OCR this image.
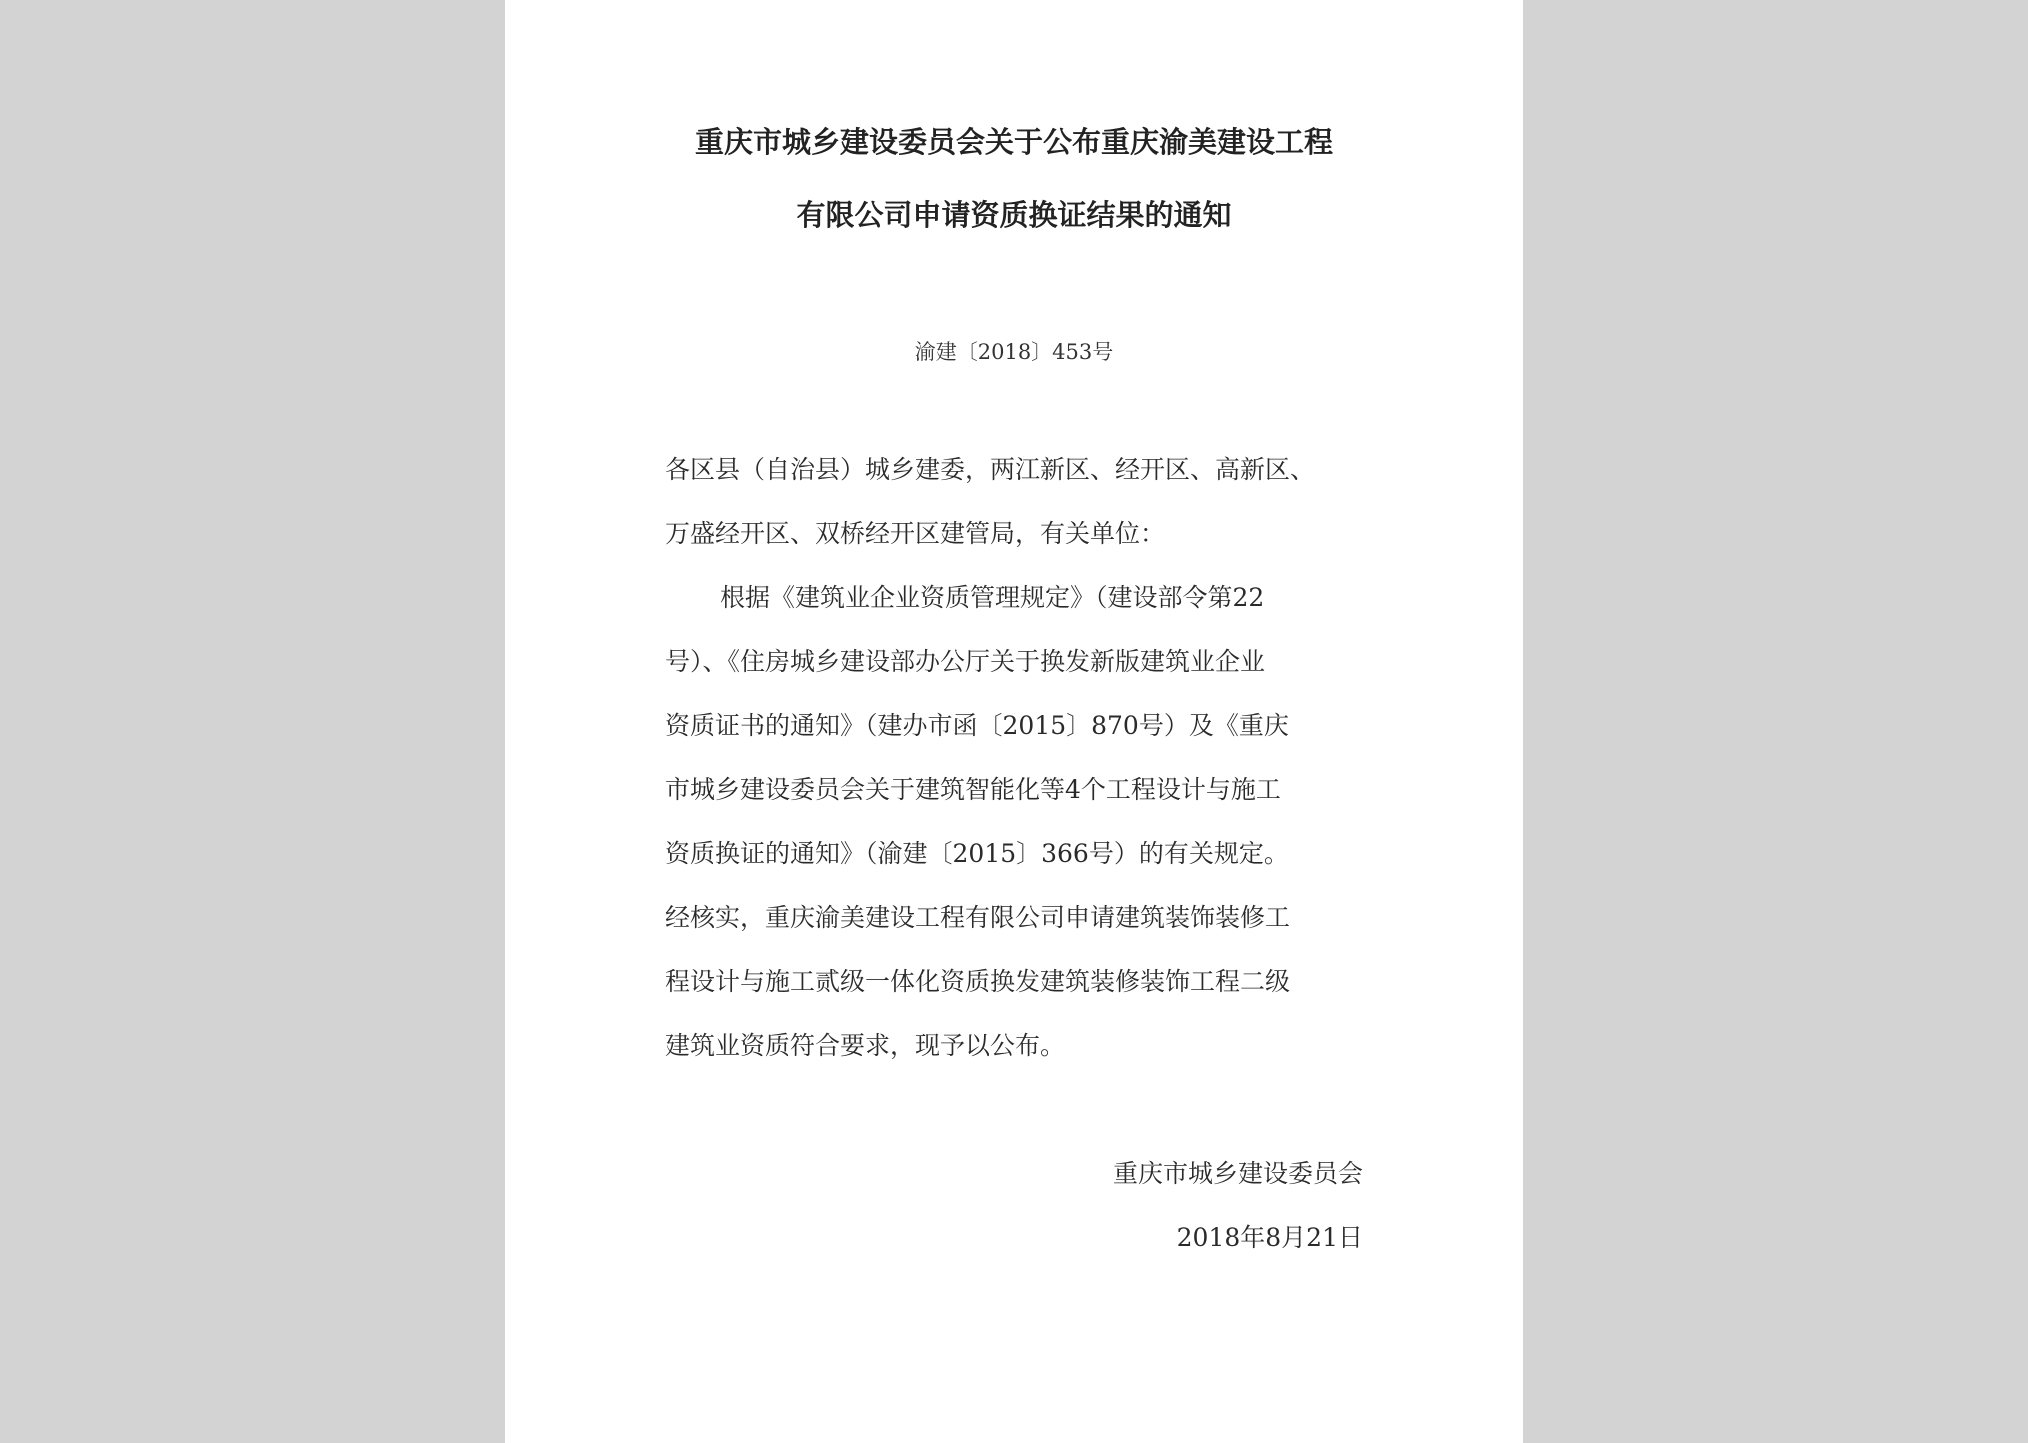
重庆市城乡建设委员会关于公布重庆渝美建设工程
有限公司申请资质换证结果的通知
渝建〔2018〕453号
各区县（自治县）城乡建委，两江新区、经开区、高新区、
万盛经开区、双桥经开区建管局，有关单位：
根据《建筑业企业资质管理规定》（建设部令第22
号）、《住房城乡建设部办公厅关于换发新版建筑业企业
资质证书的通知》（建办市函〔2015〕870号）及《重庆
市城乡建设委员会关于建筑智能化等4个工程设计与施工
资质换证的通知》（渝建〔2015〕366号）的有关规定。
经核实，重庆渝美建设工程有限公司申请建筑装饰装修工
程设计与施工贰级一体化资质换发建筑装修装饰工程二级
建筑业资质符合要求，现予以公布。
重庆市城乡建设委员会
2018年8月21日
